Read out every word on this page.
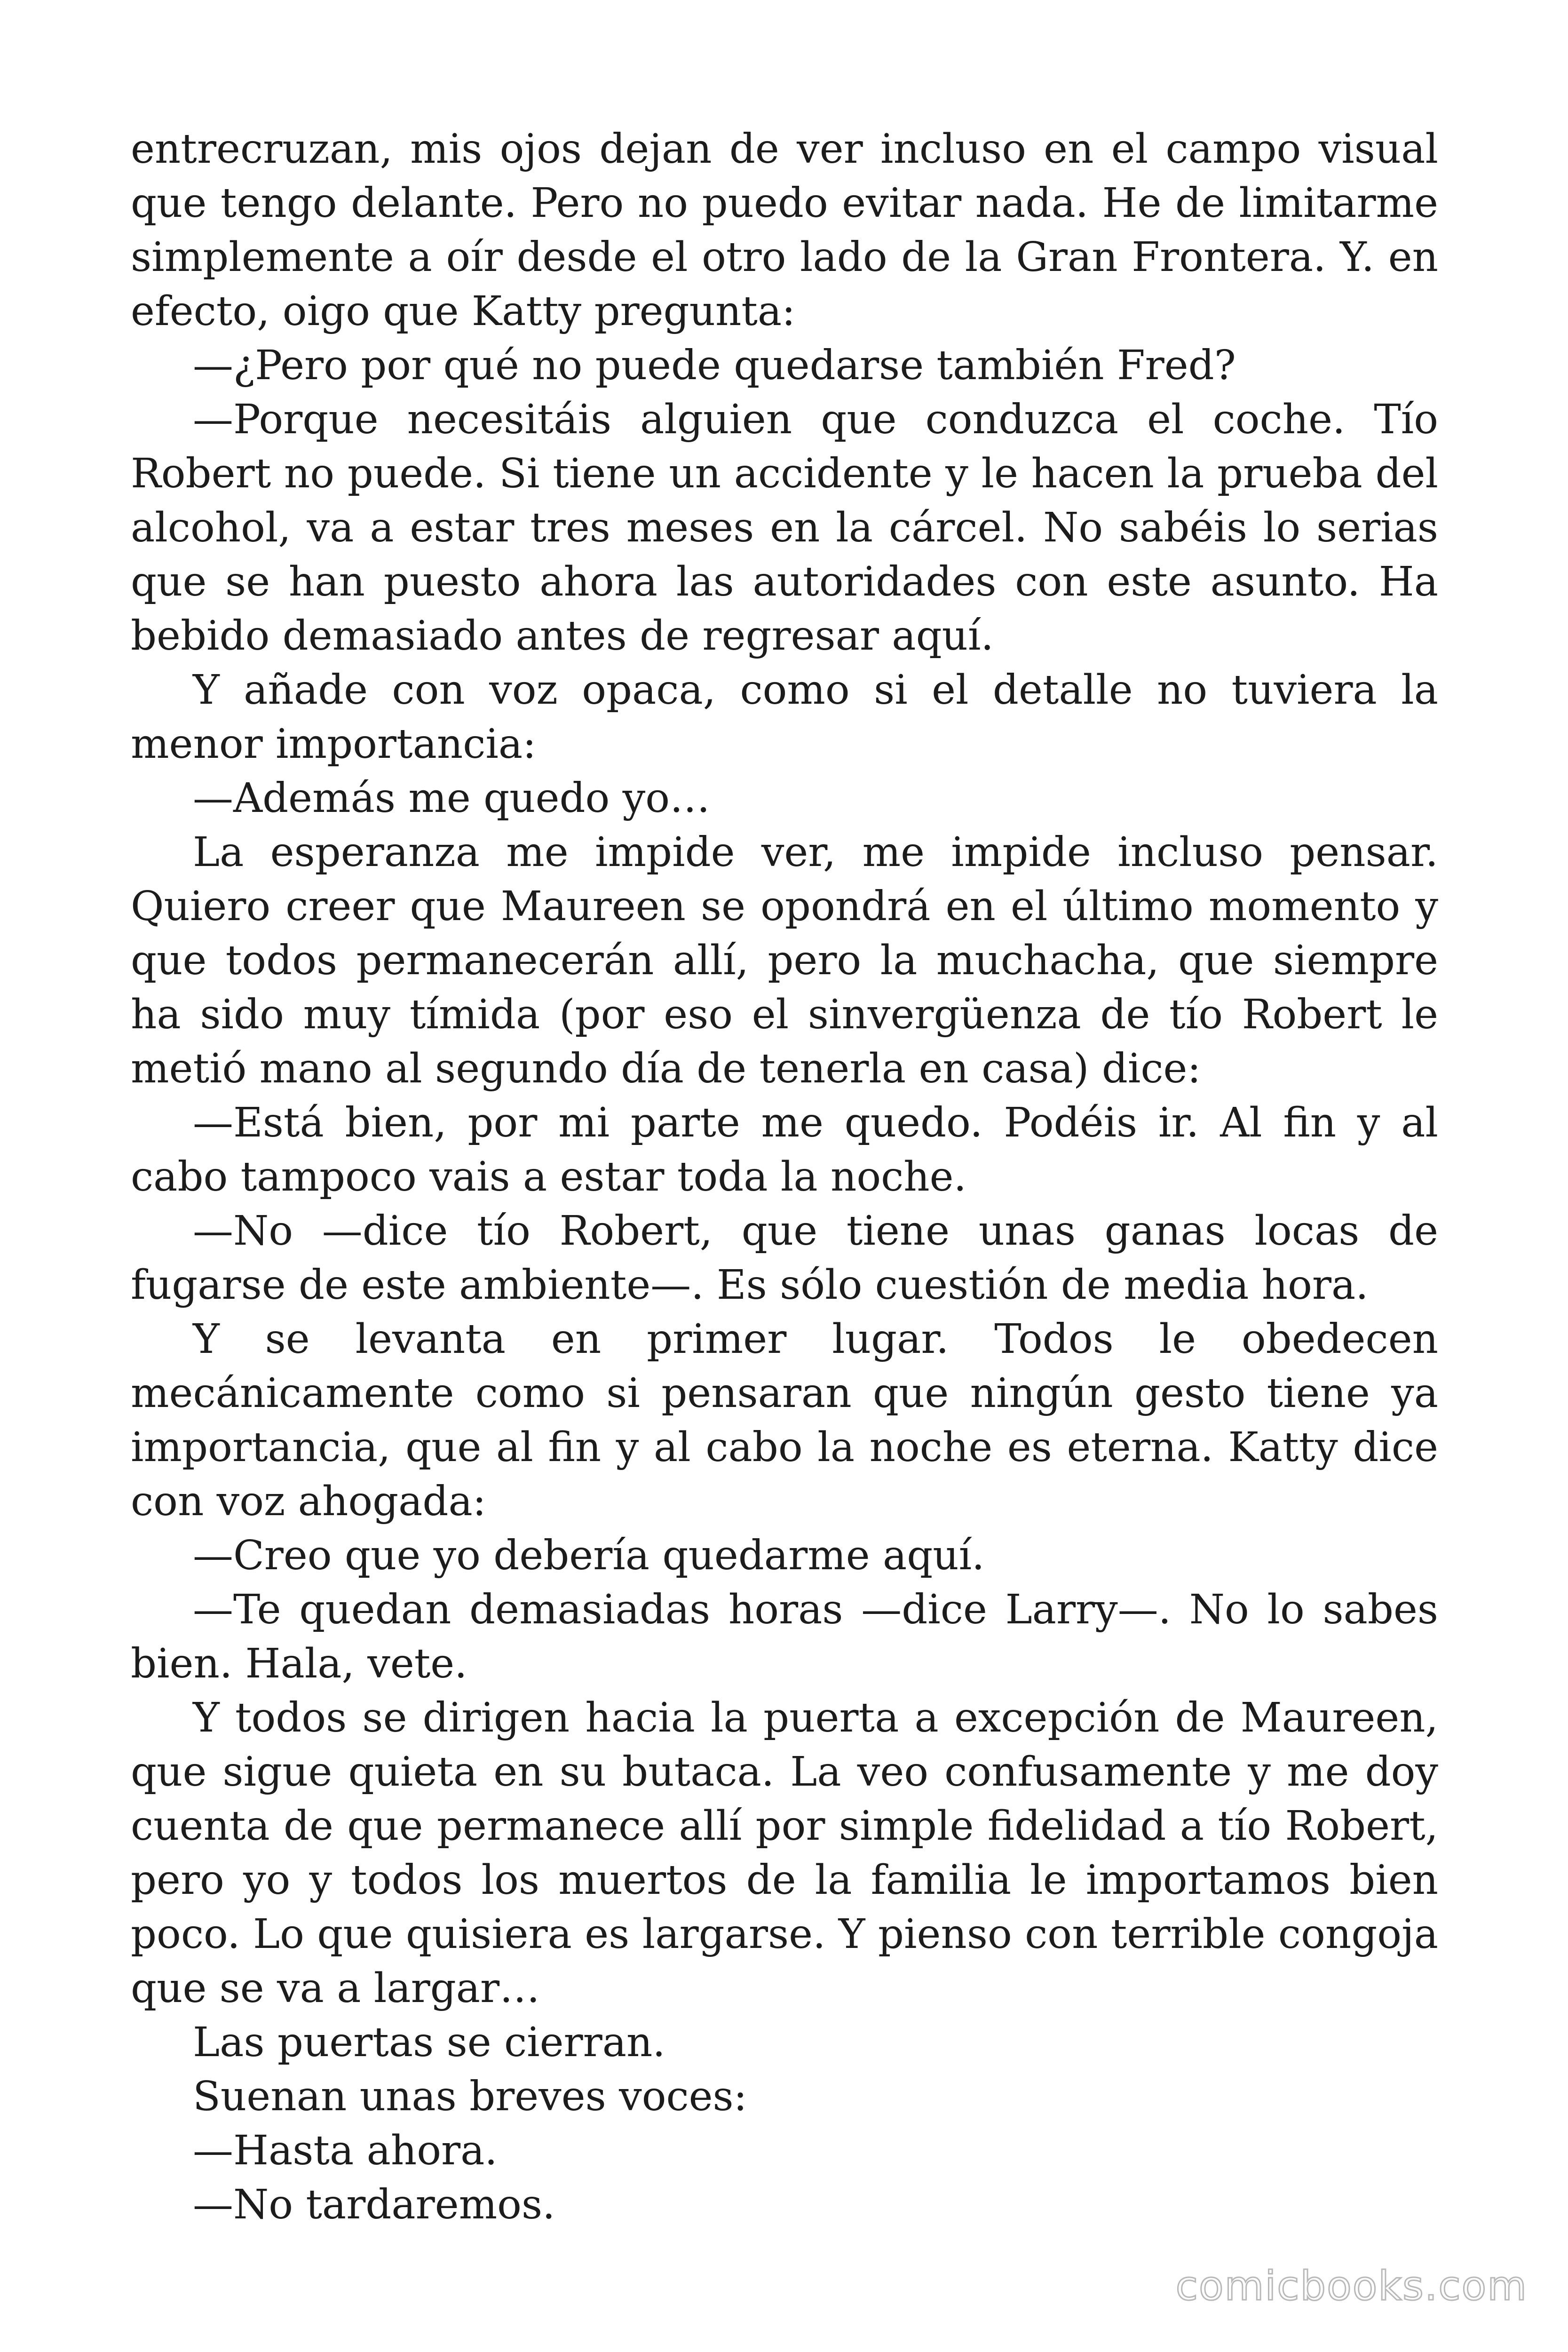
entrecruzan, mis ojos dejan de ver incluso en el campo visual que tengo delante. Pero no puedo evitar nada. He de limitarme simplemente a oír desde el otro lado de la Gran Frontera. Y. en efecto, oigo que Katty pregunta:

—¿Pero por qué no puede quedarse también Fred?

—Porque necesitáis alguien que conduzca el coche. Tío Robert no puede. Si tiene un accidente y le hacen la prueba del alcohol, va a estar tres meses en la cárcel. No sabéis lo serias que se han puesto ahora las autoridades con este asunto. Ha bebido demasiado antes de regresar aquí.

Y añade con voz opaca, como si el detalle no tuviera la menor importancia:

—Además me quedo yo…

La esperanza me impide ver, me impide incluso pensar. Quiero creer que Maureen se opondrá en el último momento y que todos permanecerán allí, pero la muchacha, que siempre ha sido muy tímida (por eso el sinvergüenza de tío Robert le metió mano al segundo día de tenerla en casa) dice:

—Está bien, por mi parte me quedo. Podéis ir. Al fin y al cabo tampoco vais a estar toda la noche.

—No —dice tío Robert, que tiene unas ganas locas de fugarse de este ambiente—. Es sólo cuestión de media hora.

Y se levanta en primer lugar. Todos le obedecen mecánicamente como si pensaran que ningún gesto tiene ya importancia, que al fin y al cabo la noche es eterna. Katty dice con voz ahogada:

—Creo que yo debería quedarme aquí.

—Te quedan demasiadas horas —dice Larry—. No lo sabes bien. Hala, vete.

Y todos se dirigen hacia la puerta a excepción de Maureen, que sigue quieta en su butaca. La veo confusamente y me doy cuenta de que permanece allí por simple fidelidad a tío Robert, pero yo y todos los muertos de la familia le importamos bien poco. Lo que quisiera es largarse. Y pienso con terrible congoja que se va a largar…

Las puertas se cierran.

Suenan unas breves voces:

—Hasta ahora.

—No tardaremos.

comicbooks.com
